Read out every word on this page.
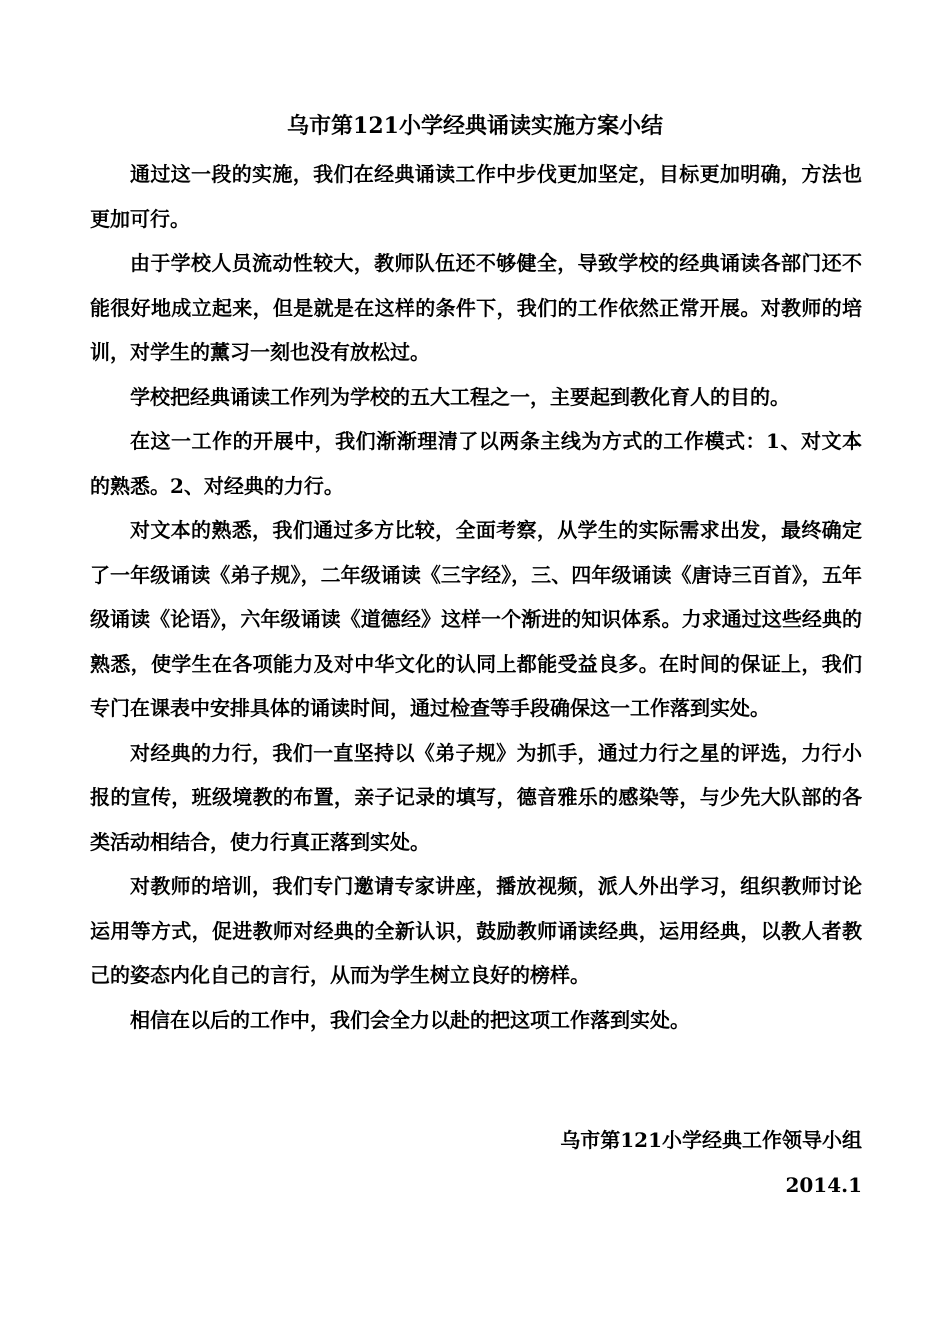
乌市第121小学经典诵读实施方案小结

通过这一段的实施，我们在经典诵读工作中步伐更加坚定，目标更加明确，方法也更加可行。

由于学校人员流动性较大，教师队伍还不够健全，导致学校的经典诵读各部门还不能很好地成立起来，但是就是在这样的条件下，我们的工作依然正常开展。对教师的培训，对学生的薰习一刻也没有放松过。

学校把经典诵读工作列为学校的五大工程之一，主要起到教化育人的目的。

在这一工作的开展中，我们渐渐理清了以两条主线为方式的工作模式：1、对文本的熟悉。2、对经典的力行。

对文本的熟悉，我们通过多方比较，全面考察，从学生的实际需求出发，最终确定了一年级诵读《弟子规》，二年级诵读《三字经》，三、四年级诵读《唐诗三百首》，五年级诵读《论语》，六年级诵读《道德经》这样一个渐进的知识体系。力求通过这些经典的熟悉，使学生在各项能力及对中华文化的认同上都能受益良多。在时间的保证上，我们专门在课表中安排具体的诵读时间，通过检查等手段确保这一工作落到实处。

对经典的力行，我们一直坚持以《弟子规》为抓手，通过力行之星的评选，力行小报的宣传，班级境教的布置，亲子记录的填写，德音雅乐的感染等，与少先大队部的各类活动相结合，使力行真正落到实处。

对教师的培训，我们专门邀请专家讲座，播放视频，派人外出学习，组织教师讨论运用等方式，促进教师对经典的全新认识，鼓励教师诵读经典，运用经典，以教人者教己的姿态内化自己的言行，从而为学生树立良好的榜样。

相信在以后的工作中，我们会全力以赴的把这项工作落到实处。

乌市第121小学经典工作领导小组
2014.1
